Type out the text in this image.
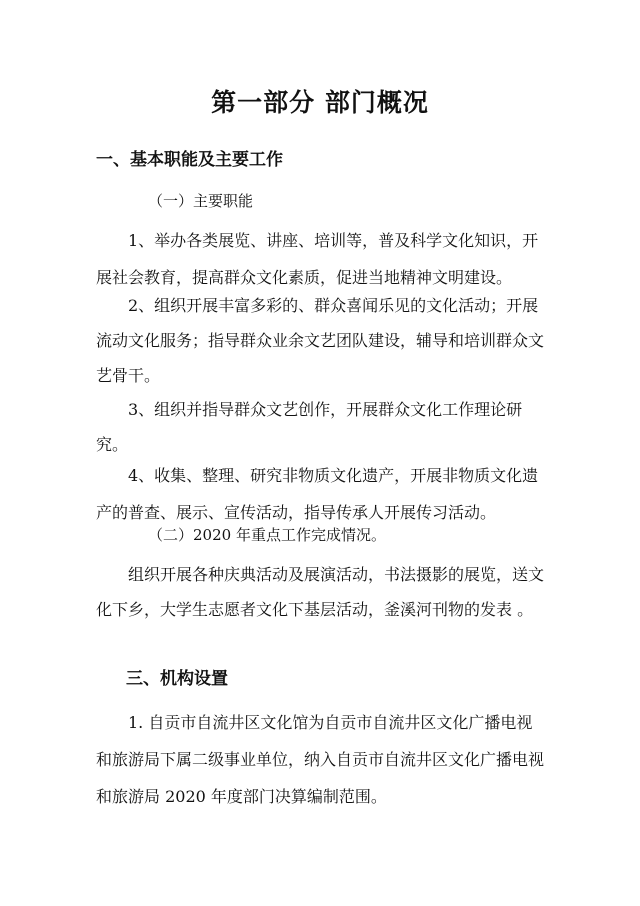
第一部分 部门概况
一、基本职能及主要工作

（一）主要职能

1、举办各类展览、讲座、培训等，普及科学文化知识，开展社会教育，提高群众文化素质，促进当地精神文明建设。

2、组织开展丰富多彩的、群众喜闻乐见的文化活动；开展流动文化服务；指导群众业余文艺团队建设，辅导和培训群众文艺骨干。

3、组织并指导群众文艺创作，开展群众文化工作理论研究。

4、收集、整理、研究非物质文化遗产，开展非物质文化遗产的普查、展示、宣传活动，指导传承人开展传习活动。

（二）2020 年重点工作完成情况。

组织开展各种庆典活动及展演活动，书法摄影的展览，送文化下乡，大学生志愿者文化下基层活动，釜溪河刊物的发表 。

三、机构设置

1. 自贡市自流井区文化馆为自贡市自流井区文化广播电视和旅游局下属二级事业单位，纳入自贡市自流井区文化广播电视和旅游局 2020 年度部门决算编制范围。
